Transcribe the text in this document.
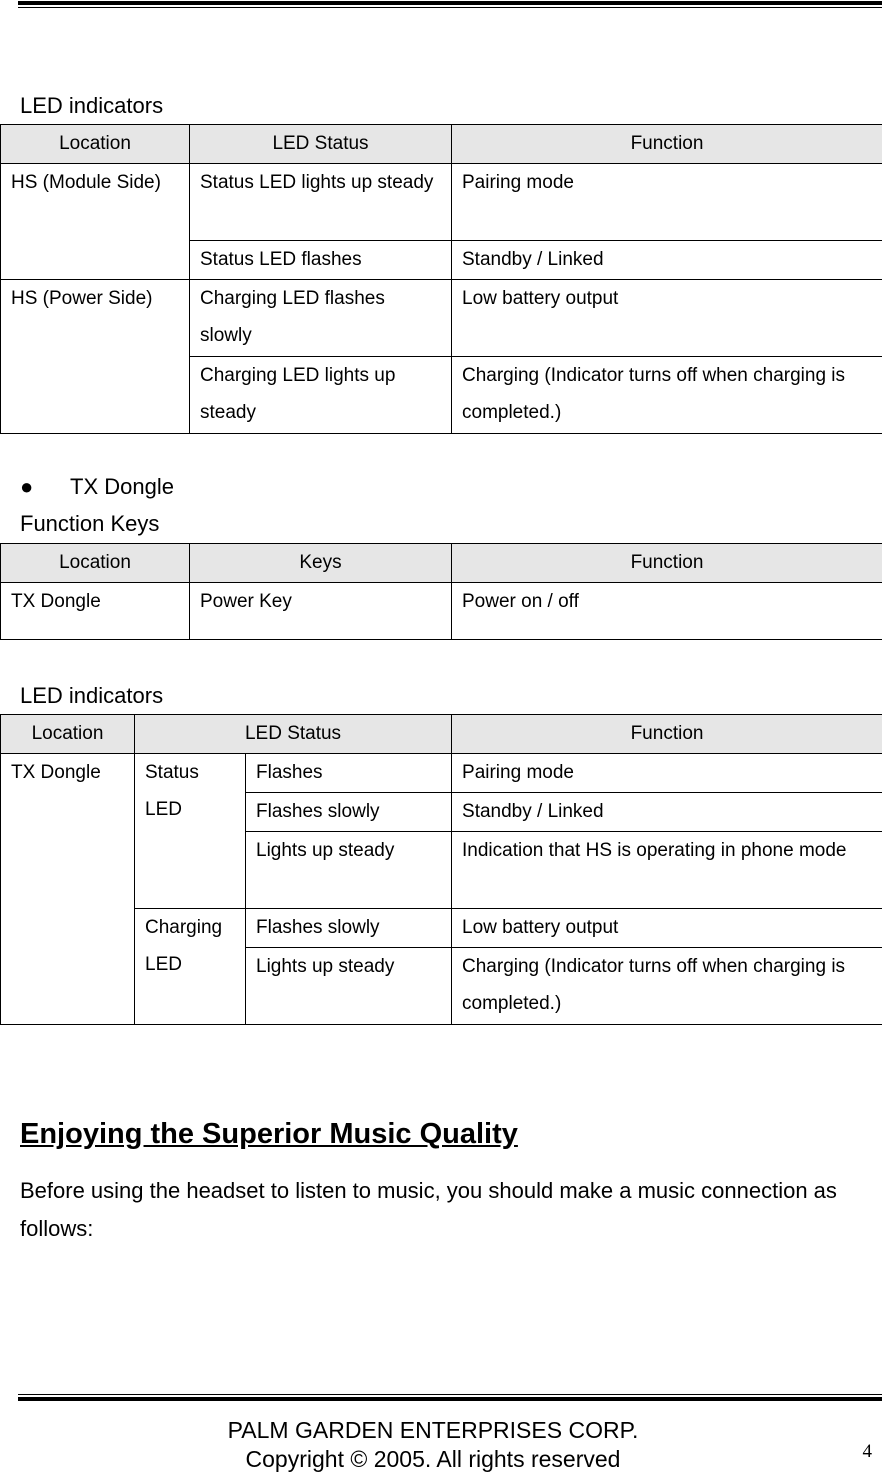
LED indicators
Location	LED Status	Function
HS (Module Side)	Status LED lights up steady	Pairing mode
	Status LED flashes	Standby / Linked
HS (Power Side)	Charging LED flashes slowly	Low battery output
	Charging LED lights up steady	Charging (Indicator turns off when charging is completed.)
● TX Dongle
Function Keys
Location	Keys	Function
TX Dongle	Power Key	Power on / off
LED indicators
Location	LED Status		Function
TX Dongle	Status LED	Flashes	Pairing mode
		Flashes slowly	Standby / Linked
		Lights up steady	Indication that HS is operating in phone mode
	Charging LED	Flashes slowly	Low battery output
		Lights up steady	Charging (Indicator turns off when charging is completed.)
Enjoying the Superior Music Quality
Before using the headset to listen to music, you should make a music connection as follows:
PALM GARDEN ENTERPRISES CORP.
Copyright © 2005. All rights reserved	4
